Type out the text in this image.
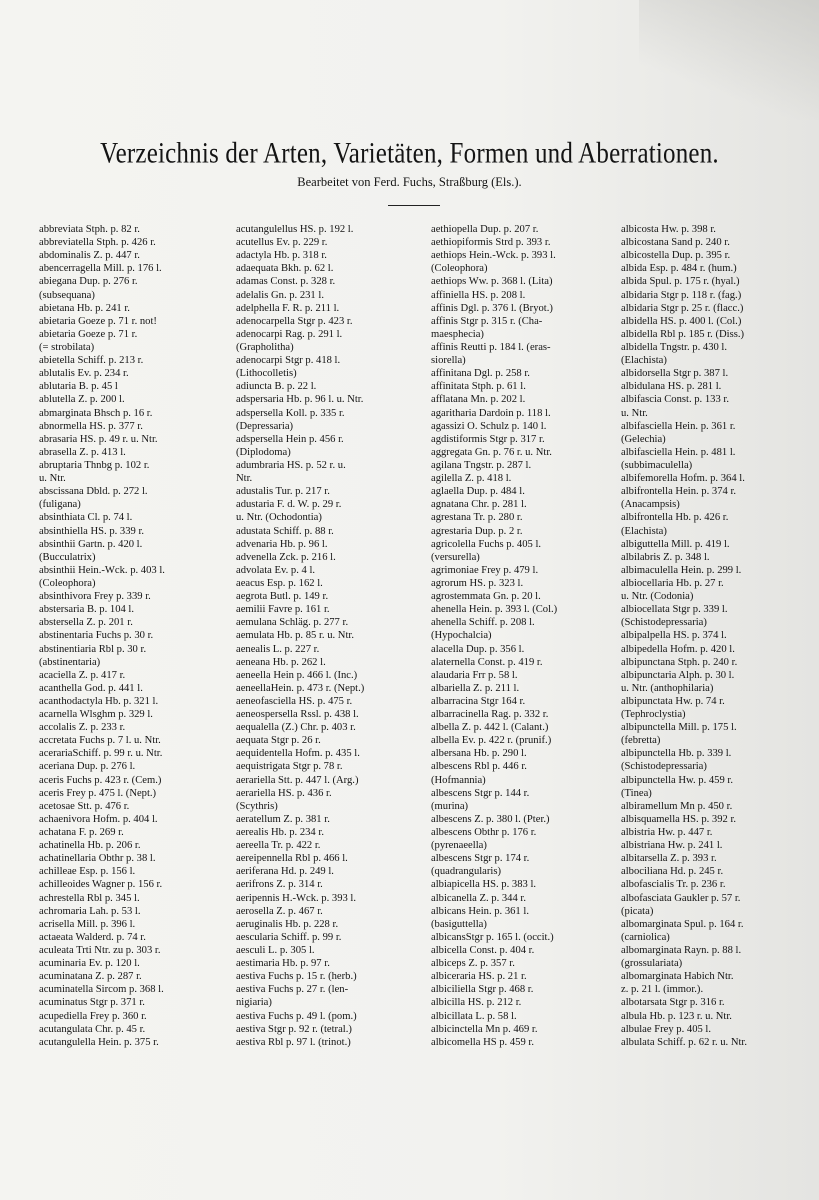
Verzeichnis der Arten, Varietäten, Formen und Aberrationen.
Bearbeitet von Ferd. Fuchs, Straßburg (Els.).
abbreviata Stph. p. 82 r.
abbreviatella Stph. p. 426 r.
abdominalis Z. p. 447 r.
abencerragella Mill. p. 176 l.
abiegana Dup. p. 276 r.
(subsequana)
abietana Hb. p. 241 r.
abietaria Goeze p. 71 r. not!
abietaria Goeze p. 71 r.
(= strobilata)
abietella Schiff. p. 213 r.
ablutalis Ev. p. 234 r.
ablutaria B. p. 45 l
ablutella Z. p. 200 l.
abmarginata Bhsch p. 16 r.
abnormella HS. p. 377 r.
abrasaria HS. p. 49 r. u. Ntr.
abrasella Z. p. 413 l.
abruptaria Thnbg p. 102 r.
u. Ntr.
abscissana Dbld. p. 272 l.
(fuligana)
absinthiata Cl. p. 74 l.
absinthiella HS. p. 339 r.
absinthii Gartn. p. 420 l.
(Bucculatrix)
absinthii Hein.-Wck. p. 403 l.
(Coleophora)
absinthivora Frey p. 339 r.
abstersaria B. p. 104 l.
abstersella Z. p. 201 r.
abstinentaria Fuchs p. 30 r.
abstinentiaria Rbl p. 30 r.
(abstinentaria)
acaciella Z. p. 417 r.
acanthella God. p. 441 l.
acanthodactyla Hb. p. 321 l.
acarnella Wlsghm p. 329 l.
accolalis Z. p. 233 r.
accretata Fuchs p. 7 l. u. Ntr.
acerariaSchiff. p. 99 r. u. Ntr.
aceriana Dup. p. 276 l.
aceris Fuchs p. 423 r. (Cem.)
aceris Frey p. 475 l. (Nept.)
acetosae Stt. p. 476 r.
achaenivora Hofm. p. 404 l.
achatana F. p. 269 r.
achatinella Hb. p. 206 r.
achatinellaria Obthr p. 38 l.
achilleae Esp. p. 156 l.
achilleoides Wagner p. 156 r.
achrestella Rbl p. 345 l.
achromaria Lah. p. 53 l.
acrisella Mill. p. 396 l.
actaeata Walderd. p. 74 r.
aculeata Trti Ntr. zu p. 303 r.
acuminaria Ev. p. 120 l.
acuminatana Z. p. 287 r.
acuminatella Sircom p. 368 l.
acuminatus Stgr p. 371 r.
acupediella Frey p. 360 r.
acutangulata Chr. p. 45 r.
acutangulella Hein. p. 375 r.
acutangulellus HS. p. 192 l.
acutellus Ev. p. 229 r.
adactyla Hb. p. 318 r.
adaequata Bkh. p. 62 l.
adamas Const. p. 328 r.
adelalis Gn. p. 231 l.
adelphella F. R. p. 211 l.
adenocarpella Stgr p. 423 r.
adenocarpi Rag. p. 291 l.
(Grapholitha)
adenocarpi Stgr p. 418 l.
(Lithocolletis)
adiuncta B. p. 22 l.
adspersaria Hb. p. 96 l. u. Ntr.
adspersella Koll. p. 335 r.
(Depressaria)
adspersella Hein p. 456 r.
(Diplodoma)
adumbraria HS. p. 52 r. u.
Ntr.
adustalis Tur. p. 217 r.
adustaria F. d. W. p. 29 r.
u. Ntr. (Ochodontia)
adustata Schiff. p. 88 r.
advenaria Hb. p. 96 l.
advenella Zck. p. 216 l.
advolata Ev. p. 4 l.
aeacus Esp. p. 162 l.
aegrota Butl. p. 149 r.
aemilii Favre p. 161 r.
aemulana Schläg. p. 277 r.
aemulata Hb. p. 85 r. u. Ntr.
aenealis L. p. 227 r.
aeneana Hb. p. 262 l.
aeneella Hein p. 466 l. (Inc.)
aeneellaHein. p. 473 r. (Nept.)
aeneofasciella HS. p. 475 r.
aeneospersella Rssl. p. 438 l.
aequalella (Z.) Chr. p. 403 r.
aequata Stgr p. 26 r.
aequidentella Hofm. p. 435 l.
aequistrigata Stgr p. 78 r.
aerariella Stt. p. 447 l. (Arg.)
aerariella HS. p. 436 r.
(Scythris)
aeratellum Z. p. 381 r.
aerealis Hb. p. 234 r.
aereella Tr. p. 422 r.
aereipennella Rbl p. 466 l.
aeriferana Hd. p. 249 l.
aerifrons Z. p. 314 r.
aeripennis H.-Wck. p. 393 l.
aerosella Z. p. 467 r.
aeruginalis Hb. p. 228 r.
aescularia Schiff. p. 99 r.
aesculi L. p. 305 l.
aestimaria Hb. p. 97 r.
aestiva Fuchs p. 15 r. (herb.)
aestiva Fuchs p. 27 r. (len-
nigiaria)
aestiva Fuchs p. 49 l. (pom.)
aestiva Stgr p. 92 r. (tetral.)
aestiva Rbl p. 97 l. (trinot.)
aethiopella Dup. p. 207 r.
aethiopiformis Strd p. 393 r.
aethiops Hein.-Wck. p. 393 l.
(Coleophora)
aethiops Ww. p. 368 l. (Lita)
affiniella HS. p. 208 l.
affinis Dgl. p. 376 l. (Bryot.)
affinis Stgr p. 315 r. (Cha-
maesphecia)
affinis Reutti p. 184 l. (eras-
siorella)
affinitana Dgl. p. 258 r.
affinitata Stph. p. 61 l.
afflatana Mn. p. 202 l.
agaritharia Dardoin p. 118 l.
agassizi O. Schulz p. 140 l.
agdistiformis Stgr p. 317 r.
aggregata Gn. p. 76 r. u. Ntr.
agilana Tngstr. p. 287 l.
agilella Z. p. 418 l.
aglaella Dup. p. 484 l.
agnatana Chr. p. 281 l.
agrestana Tr. p. 280 r.
agrestaria Dup. p. 2 r.
agricolella Fuchs p. 405 l.
(versurella)
agrimoniae Frey p. 479 l.
agrorum HS. p. 323 l.
agrostemmata Gn. p. 20 l.
ahenella Hein. p. 393 l. (Col.)
ahenella Schiff. p. 208 l.
(Hypochalcia)
alacella Dup. p. 356 l.
alaternella Const. p. 419 r.
alaudaria Frr p. 58 l.
albariella Z. p. 211 l.
albarracina Stgr 164 r.
albarracinella Rag. p. 332 r.
albella Z. p. 442 l. (Calant.)
albella Ev. p. 422 r. (prunif.)
albersana Hb. p. 290 l.
albescens Rbl p. 446 r.
(Hofmannia)
albescens Stgr p. 144 r.
(murina)
albescens Z. p. 380 l. (Pter.)
albescens Obthr p. 176 r.
(pyrenaeella)
albescens Stgr p. 174 r.
(quadrangularis)
albiapicella HS. p. 383 l.
albicanella Z. p. 344 r.
albicans Hein. p. 361 l.
(basiguttella)
albicansStgr p. 165 l. (occit.)
albicella Const. p. 404 r.
albiceps Z. p. 357 r.
albiceraria HS. p. 21 r.
albiciliella Stgr p. 468 r.
albicilla HS. p. 212 r.
albicillata L. p. 58 l.
albicinctella Mn p. 469 r.
albicomella HS p. 459 r.
albicosta Hw. p. 398 r.
albicostana Sand p. 240 r.
albicostella Dup. p. 395 r.
albida Esp. p. 484 r. (hum.)
albida Spul. p. 175 r. (hyal.)
albidaria Stgr p. 118 r. (fag.)
albidaria Stgr p. 25 r. (flacc.)
albidella HS. p. 400 l. (Col.)
albidella Rbl p. 185 r. (Diss.)
albidella Tngstr. p. 430 l.
(Elachista)
albidorsella Stgr p. 387 l.
albidulana HS. p. 281 l.
albifascia Const. p. 133 r.
u. Ntr.
albifasciella Hein. p. 361 r.
(Gelechia)
albifasciella Hein. p. 481 l.
(subbimaculella)
albifemorella Hofm. p. 364 l.
albifrontella Hein. p. 374 r.
(Anacampsis)
albifrontella Hb. p. 426 r.
(Elachista)
albiguttella Mill. p. 419 l.
albilabris Z. p. 348 l.
albimaculella Hein. p. 299 l.
albiocellaria Hb. p. 27 r.
u. Ntr. (Codonia)
albiocellata Stgr p. 339 l.
(Schistodepressaria)
albipalpella HS. p. 374 l.
albipedella Hofm. p. 420 l.
albipunctana Stph. p. 240 r.
albipunctaria Alph. p. 30 l.
u. Ntr. (anthophilaria)
albipunctata Hw. p. 74 r.
(Tephroclystia)
albipunctella Mill. p. 175 l.
(febretta)
albipunctella Hb. p. 339 l.
(Schistodepressaria)
albipunctella Hw. p. 459 r.
(Tinea)
albiramellum Mn p. 450 r.
albisquamella HS. p. 392 r.
albistria Hw. p. 447 r.
albistriana Hw. p. 241 l.
albitarsella Z. p. 393 r.
albociliana Hd. p. 245 r.
albofascialis Tr. p. 236 r.
albofasciata Gaukler p. 57 r.
(picata)
albomarginata Spul. p. 164 r.
(carniolica)
albomarginata Rayn. p. 88 l.
(grossulariata)
albomarginata Habich Ntr.
z. p. 21 l. (immor.).
albotarsata Stgr p. 316 r.
albula Hb. p. 123 r. u. Ntr.
albulae Frey p. 405 l.
albulata Schiff. p. 62 r. u. Ntr.
